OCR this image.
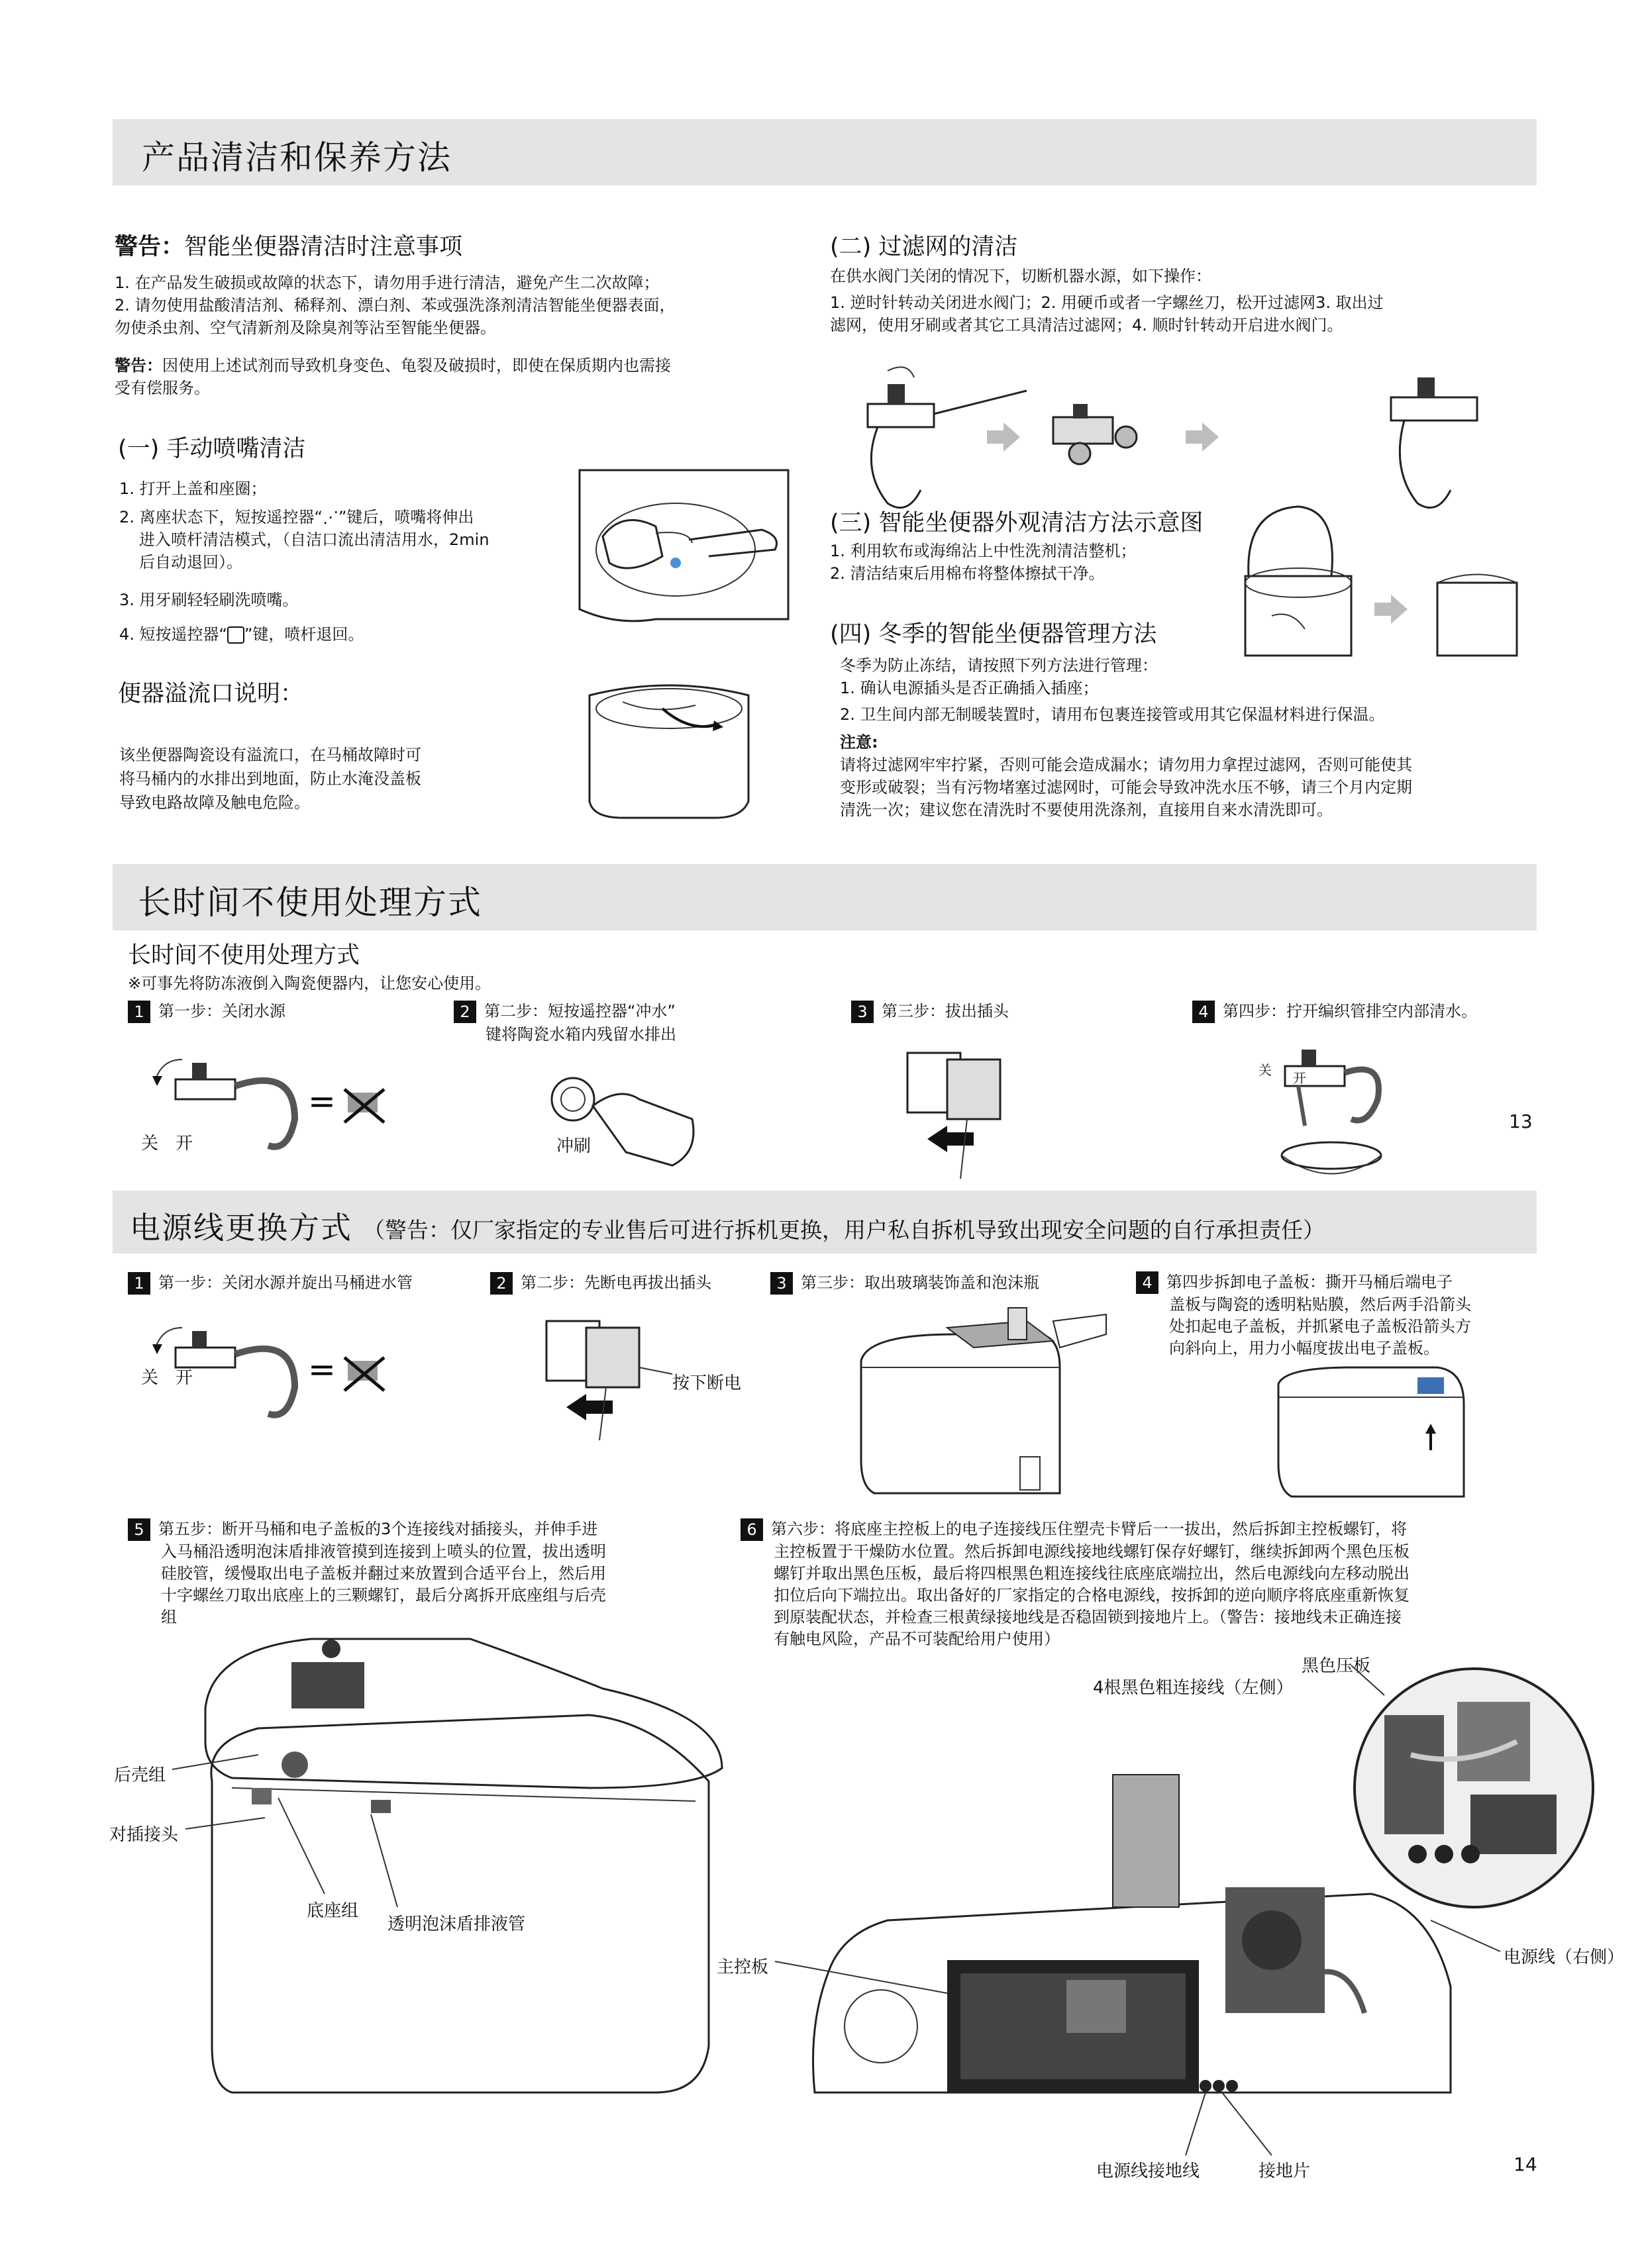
产品清洁和保养方法
警告：智能坐便器清洁时注意事项
1. 在产品发生破损或故障的状态下，请勿用手进行清洁，避免产生二次故障；
2. 请勿使用盐酸清洁剂、稀释剂、漂白剂、苯或强洗涤剂清洁智能坐便器表面，
勿使杀虫剂、空气清新剂及除臭剂等沾至智能坐便器。
警告：因使用上述试剂而导致机身变色、龟裂及破损时，即使在保质期内也需接
受有偿服务。
(一) 手动喷嘴清洁
1. 打开上盖和座圈；
2. 离座状态下，短按遥控器“⋰”键后，喷嘴将伸出
进入喷杆清洁模式，（自洁口流出清洁用水，2min
后自动退回）。
3. 用牙刷轻轻刷洗喷嘴。
4. 短按遥控器“ ”键，喷杆退回。
便器溢流口说明：
该坐便器陶瓷设有溢流口，在马桶故障时可
将马桶内的水排出到地面，防止水淹没盖板
导致电路故障及触电危险。
(二) 过滤网的清洁
在供水阀门关闭的情况下，切断机器水源，如下操作：
1. 逆时针转动关闭进水阀门；2. 用硬币或者一字螺丝刀，松开过滤网3. 取出过
滤网，使用牙刷或者其它工具清洁过滤网；4. 顺时针转动开启进水阀门。
(三) 智能坐便器外观清洁方法示意图
1. 利用软布或海绵沾上中性洗剂清洁整机；
2. 清洁结束后用棉布将整体擦拭干净。
(四) 冬季的智能坐便器管理方法
冬季为防止冻结，请按照下列方法进行管理：
1. 确认电源插头是否正确插入插座；
2. 卫生间内部无制暖装置时，请用布包裹连接管或用其它保温材料进行保温。
注意:
请将过滤网牢牢拧紧，否则可能会造成漏水；请勿用力拿捏过滤网，否则可能使其
变形或破裂；当有污物堵塞过滤网时，可能会导致冲洗水压不够，请三个月内定期
清洗一次；建议您在清洗时不要使用洗涤剂，直接用自来水清洗即可。
长时间不使用处理方式
长时间不使用处理方式
※可事先将防冻液倒入陶瓷便器内，让您安心使用。
1 第一步：关闭水源	2 第二步：短按遥控器“冲水”
键将陶瓷水箱内残留水排出
3 第三步：拔出插头	4 第四步：拧开编织管排空内部清水。
=
关 开	冲刷
关 开
13
电源线更换方式 （警告：仅厂家指定的专业售后可进行拆机更换，用户私自拆机导致出现安全问题的自行承担责任）
1 第一步：关闭水源并旋出马桶进水管	2 第二步：先断电再拔出插头	3 第三步：取出玻璃装饰盖和泡沫瓶	4 第四步拆卸电子盖板：撕开马桶后端电子
盖板与陶瓷的透明粘贴膜，然后两手沿箭头
处扣起电子盖板，并抓紧电子盖板沿箭头方
向斜向上，用力小幅度拔出电子盖板。
=
关 开	按下断电
5 第五步：断开马桶和电子盖板的3个连接线对插接头，并伸手进
入马桶沿透明泡沫盾排液管摸到连接到上喷头的位置，拔出透明
硅胶管，缓慢取出电子盖板并翻过来放置到合适平台上，然后用
十字螺丝刀取出底座上的三颗螺钉，最后分离拆开底座组与后壳
组
后壳组
对插接头
底座组
透明泡沫盾排液管
6 第六步：将底座主控板上的电子连接线压住塑壳卡臂后一一拔出，然后拆卸主控板螺钉，将
主控板置于干燥防水位置。然后拆卸电源线接地线螺钉保存好螺钉，继续拆卸两个黑色压板
螺钉并取出黑色压板，最后将四根黑色粗连接线往底座底端拉出，然后电源线向左移动脱出
扣位后向下端拉出。取出备好的厂家指定的合格电源线，按拆卸的逆向顺序将底座重新恢复
到原装配状态，并检查三根黄绿接地线是否稳固锁到接地片上。（警告：接地线未正确连接
有触电风险，产品不可装配给用户使用）
黑色压板
4根黑色粗连接线（左侧）
主控板	电源线（右侧）
电源线接地线	接地片	14
